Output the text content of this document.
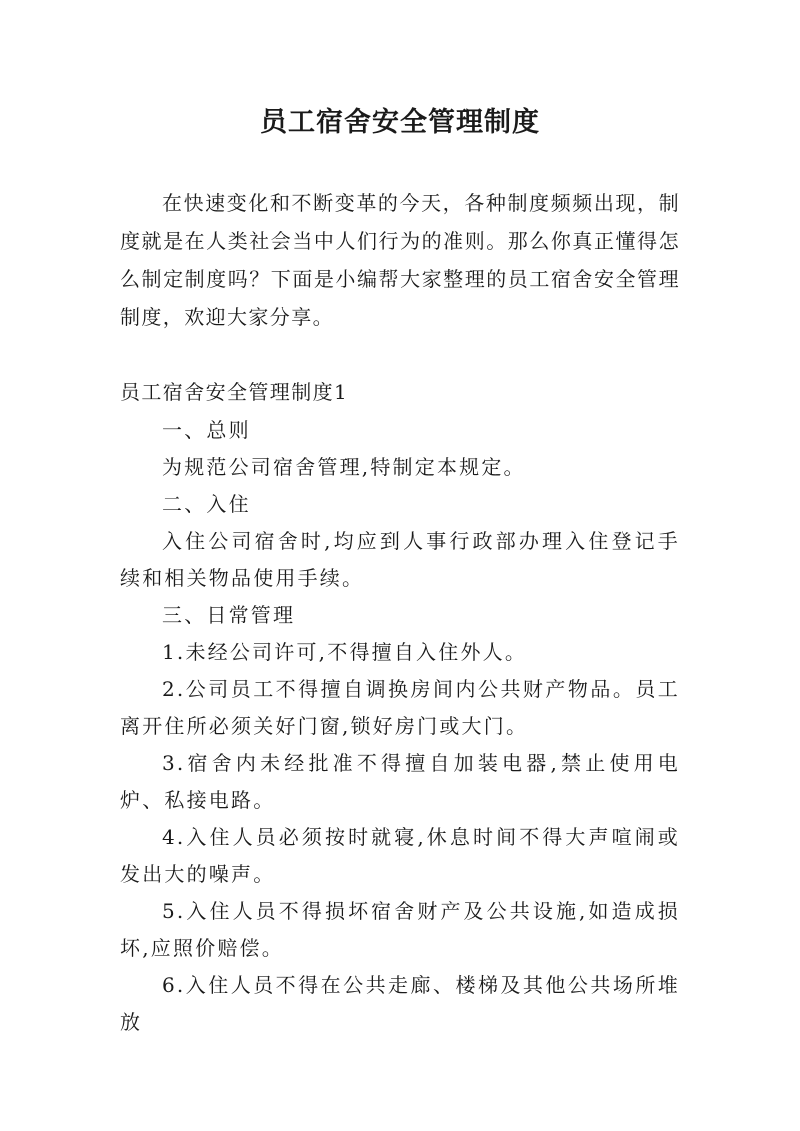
员工宿舍安全管理制度

在快速变化和不断变革的今天，各种制度频频出现，制度就是在人类社会当中人们行为的准则。那么你真正懂得怎么制定制度吗？下面是小编帮大家整理的员工宿舍安全管理制度，欢迎大家分享。

员工宿舍安全管理制度1

一、总则

为规范公司宿舍管理,特制定本规定。

二、入住

入住公司宿舍时,均应到人事行政部办理入住登记手续和相关物品使用手续。

三、日常管理

1.未经公司许可,不得擅自入住外人。

2.公司员工不得擅自调换房间内公共财产物品。员工离开住所必须关好门窗,锁好房门或大门。

3.宿舍内未经批准不得擅自加装电器,禁止使用电炉、私接电路。

4.入住人员必须按时就寝,休息时间不得大声喧闹或发出大的噪声。

5.入住人员不得损坏宿舍财产及公共设施,如造成损坏,应照价赔偿。

6.入住人员不得在公共走廊、楼梯及其他公共场所堆放
